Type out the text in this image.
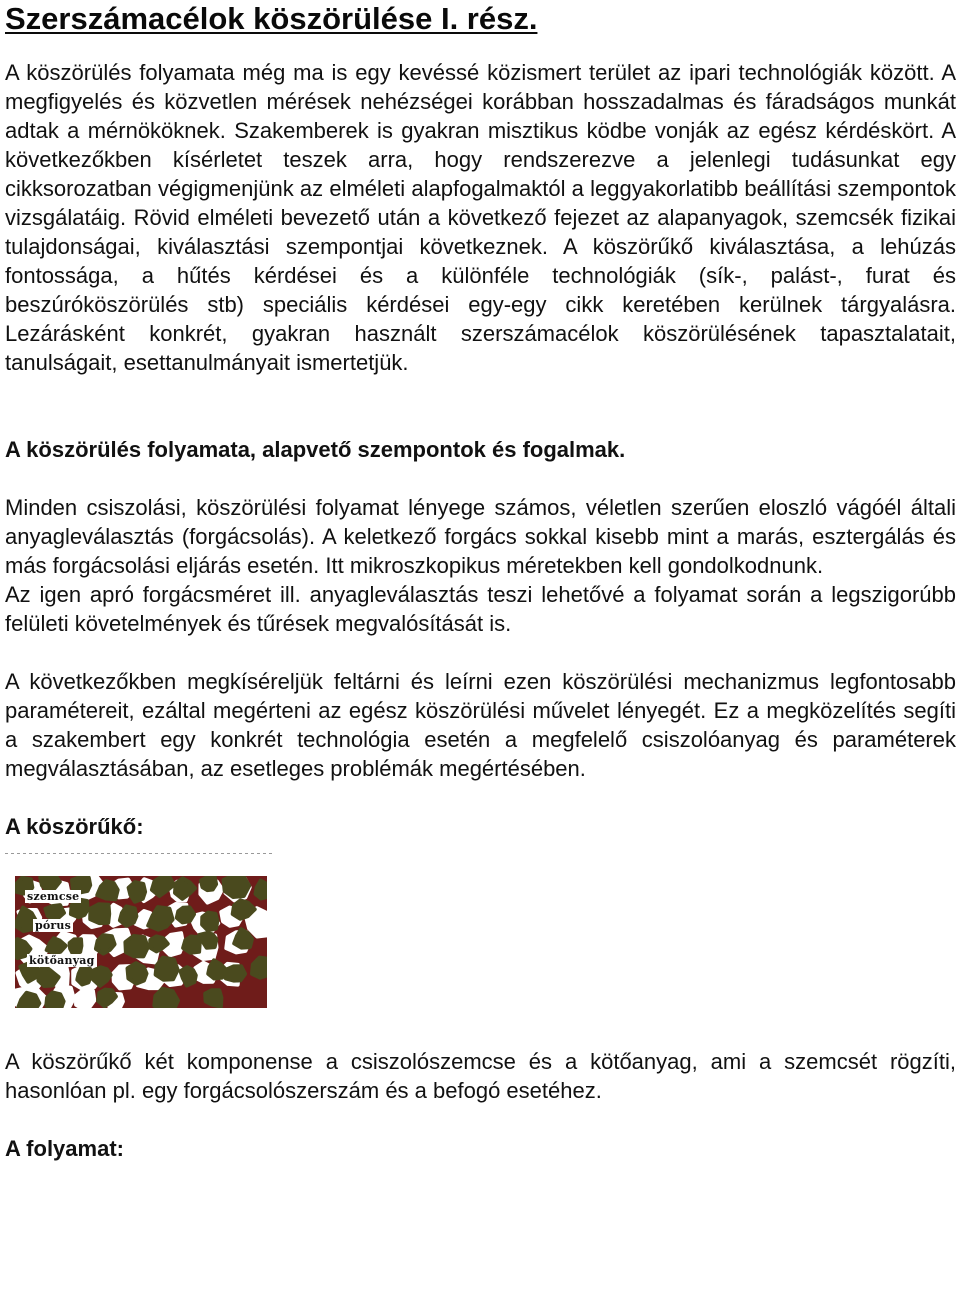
Szerszámacélok köszörülése I. rész.

A köszörülés folyamata még ma is egy kevéssé közismert terület az ipari technológiák között. A megfigyelés és közvetlen mérések nehézségei korábban hosszadalmas és fáradságos munkát adtak a mérnököknek. Szakemberek is gyakran misztikus ködbe vonják az egész kérdéskört. A következőkben kísérletet teszek arra, hogy rendszerezve a jelenlegi tudásunkat egy cikksorozatban végigmenjünk az elméleti alapfogalmaktól a leggyakorlatibb beállítási szempontok vizsgálatáig. Rövid elméleti bevezető után a következő fejezet az alapanyagok, szemcsék fizikai tulajdonságai, kiválasztási szempontjai következnek. A köszörűkő kiválasztása, a lehúzás fontossága, a hűtés kérdései és a különféle technológiák (sík-, palást-, furat és beszúróköszörülés stb) speciális kérdései egy-egy cikk keretében kerülnek tárgyalásra. Lezárásként konkrét, gyakran használt szerszámacélok köszörülésének tapasztalatait, tanulságait, esettanulmányait ismertetjük.

A köszörülés folyamata, alapvető szempontok és fogalmak.

Minden csiszolási, köszörülési folyamat lényege számos, véletlen szerűen eloszló vágóél általi anyagleválasztás (forgácsolás). A keletkező forgács sokkal kisebb mint a marás, esztergálás és más forgácsolási eljárás esetén. Itt mikroszkopikus méretekben kell gondolkodnunk.

Az igen apró forgácsméret ill. anyagleválasztás teszi lehetővé a folyamat során a legszigorúbb felületi követelmények és tűrések megvalósítását is.

A következőkben megkíséreljük feltárni és leírni ezen köszörülési mechanizmus legfontosabb paramétereit, ezáltal megérteni az egész köszörülési művelet lényegét. Ez a megközelítés segíti a szakembert egy konkrét technológia esetén a megfelelő csiszolóanyag és paraméterek megválasztásában, az esetleges problémák megértésében.

A köszörűkő:
szemcse
pórus
kötőanyag

A köszörűkő két komponense a csiszolószemcse és a kötőanyag, ami a szemcsét rögzíti, hasonlóan pl. egy forgácsolószerszám és a befogó esetéhez.

A folyamat:
